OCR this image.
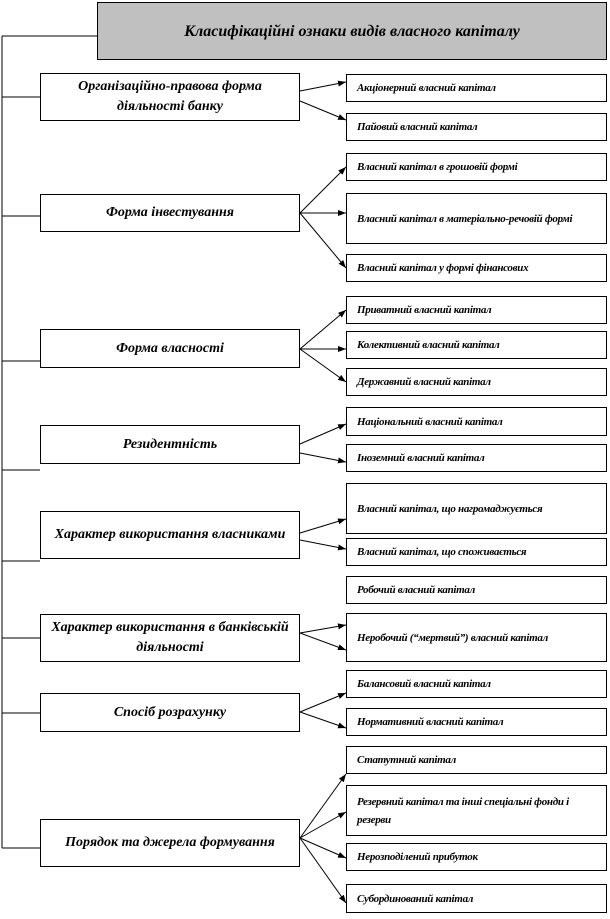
Класифікаційні ознаки видів власного капіталу
Організаційно-правова форма діяльності банку
Форма інвестування
Форма власності
Резидентність
Характер використання власниками
Характер використання в банківській діяльності
Спосіб розрахунку
Порядок та джерела формування
Акціонерний власний капітал
Пайовий власний капітал
Власний капітал в грошовій формі
Власний капітал в матеріально-речовій формі
Власний капітал у формі фінансових
Приватний власний капітал
Колективний власний капітал
Державний власний капітал
Національний власний капітал
Іноземний власний капітал
Власний капітал, що нагромаджується
Власний капітал, що споживається
Робочий власний капітал
Неробочий (“мертвий”) власний капітал
Балансовий власний капітал
Нормативний власний капітал
Статутний капітал
Резервний капітал та інші спеціальні фонди і резерви
Нерозподілений прибуток
Субординований капітал
